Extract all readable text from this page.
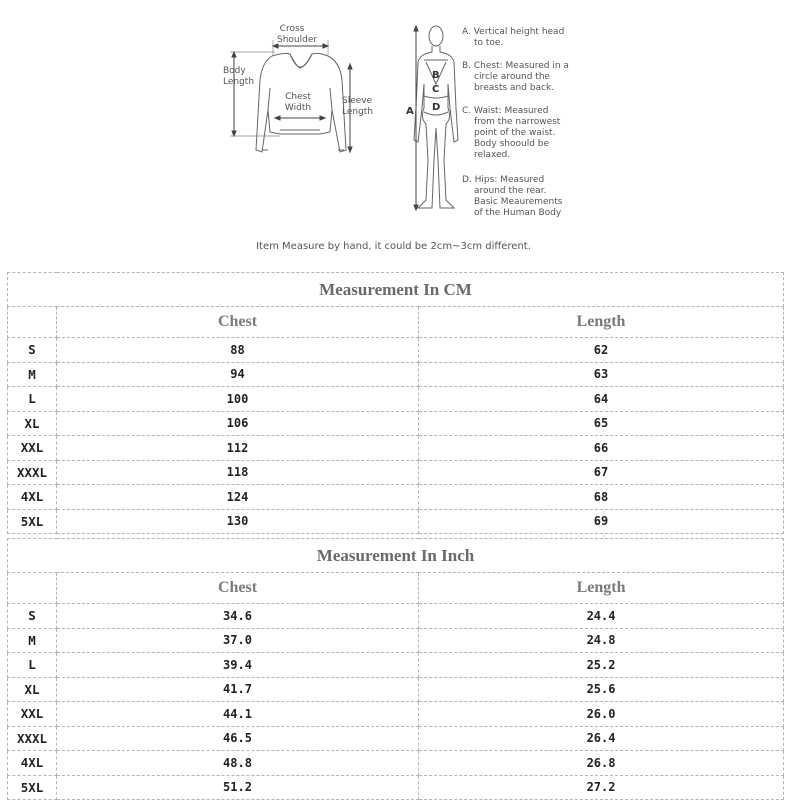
Cross
Shoulder
Body
Length
Chest
Width
Sleeve
Length	A
B
C
D
A. Vertical height head
to toe.
B. Chest: Measured in a
circle around the
breasts and back.
C. Waist: Measured
from the narrowest
point of the waist.
Body shoould be
relaxed.
D. Hips: Measured
around the rear.
Basic Meaurements
of the Human Body
Item Measure by hand, it could be 2cm~3cm different.
Measurement In CM		
	Chest	Length
S	88	62
M	94	63
L	100	64
XL	106	65
XXL	112	66
XXXL	118	67
4XL	124	68
5XL	130	69
Measurement In Inch		
	Chest	Length
S	34.6	24.4
M	37.0	24.8
L	39.4	25.2
XL	41.7	25.6
XXL	44.1	26.0
XXXL	46.5	26.4
4XL	48.8	26.8
5XL	51.2	27.2
